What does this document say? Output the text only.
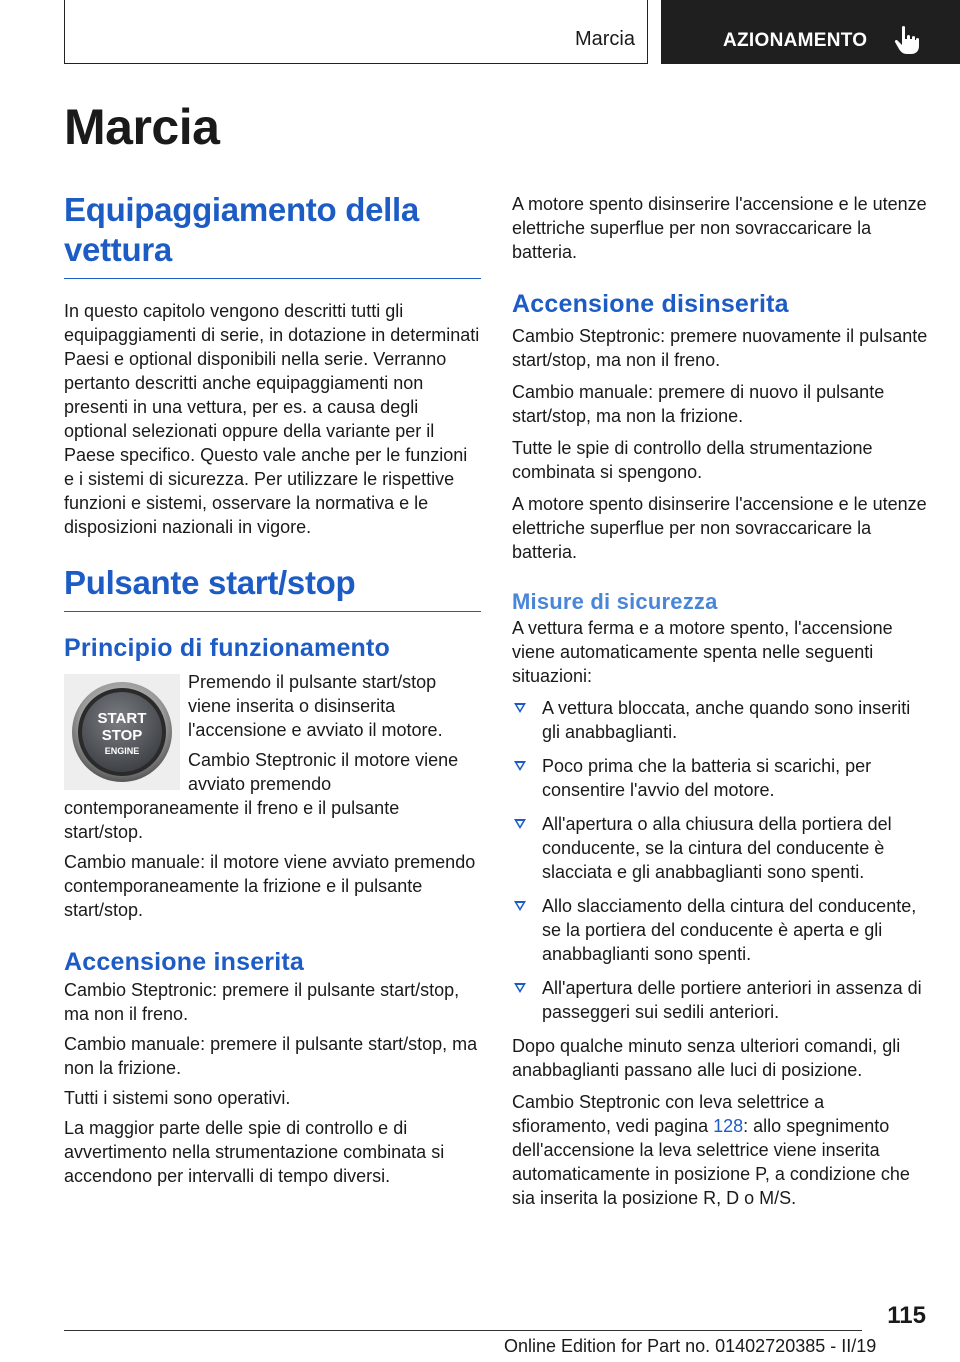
Marcia	AZIONAMENTO
Marcia
Equipaggiamento della vettura

In questo capitolo vengono descritti tutti gli equipaggiamenti di serie, in dotazione in determinati Paesi e optional disponibili nella serie. Verranno pertanto descritti anche equipaggiamenti non presenti in una vettura, per es. a causa degli optional selezionati oppure della variante per il Paese specifico. Questo vale anche per le funzioni e i sistemi di sicurezza. Per utilizzare le rispettive funzioni e sistemi, osservare la normativa e le disposizioni nazionali in vigore.

Pulsante start/stop
Principio di funzionamento
START
STOP
ENGINE

Premendo il pulsante start/stop viene inserita o disinserita l'accensione e avviato il motore.

Cambio Steptronic il motore viene avviato premendo contemporaneamente il freno e il pulsante start/stop.

Cambio manuale: il motore viene avviato premendo contemporaneamente la frizione e il pulsante start/stop.

Accensione inserita

Cambio Steptronic: premere il pulsante start/stop, ma non il freno.

Cambio manuale: premere il pulsante start/stop, ma non la frizione.

Tutti i sistemi sono operativi.

La maggior parte delle spie di controllo e di avvertimento nella strumentazione combinata si accendono per intervalli di tempo diversi.

A motore spento disinserire l'accensione e le utenze elettriche superflue per non sovraccaricare la batteria.

Accensione disinserita

Cambio Steptronic: premere nuovamente il pulsante start/stop, ma non il freno.

Cambio manuale: premere di nuovo il pulsante start/stop, ma non la frizione.

Tutte le spie di controllo della strumentazione combinata si spengono.

A motore spento disinserire l'accensione e le utenze elettriche superflue per non sovraccaricare la batteria.

Misure di sicurezza

A vettura ferma e a motore spento, l'accensione viene automaticamente spenta nelle seguenti situazioni:

A vettura bloccata, anche quando sono inseriti gli anabbaglianti.
Poco prima che la batteria si scarichi, per consentire l'avvio del motore.
All'apertura o alla chiusura della portiera del conducente, se la cintura del conducente è slacciata e gli anabbaglianti sono spenti.
Allo slacciamento della cintura del conducente, se la portiera del conducente è aperta e gli anabbaglianti sono spenti.
All'apertura delle portiere anteriori in assenza di passeggeri sui sedili anteriori.

Dopo qualche minuto senza ulteriori comandi, gli anabbaglianti passano alle luci di posizione.

Cambio Steptronic con leva selettrice a sfioramento, vedi pagina 128: allo spegnimento dell'accensione la leva selettrice viene inserita automaticamente in posizione P, a condizione che sia inserita la posizione R, D o M/S.

115
Online Edition for Part no. 01402720385 - II/19
